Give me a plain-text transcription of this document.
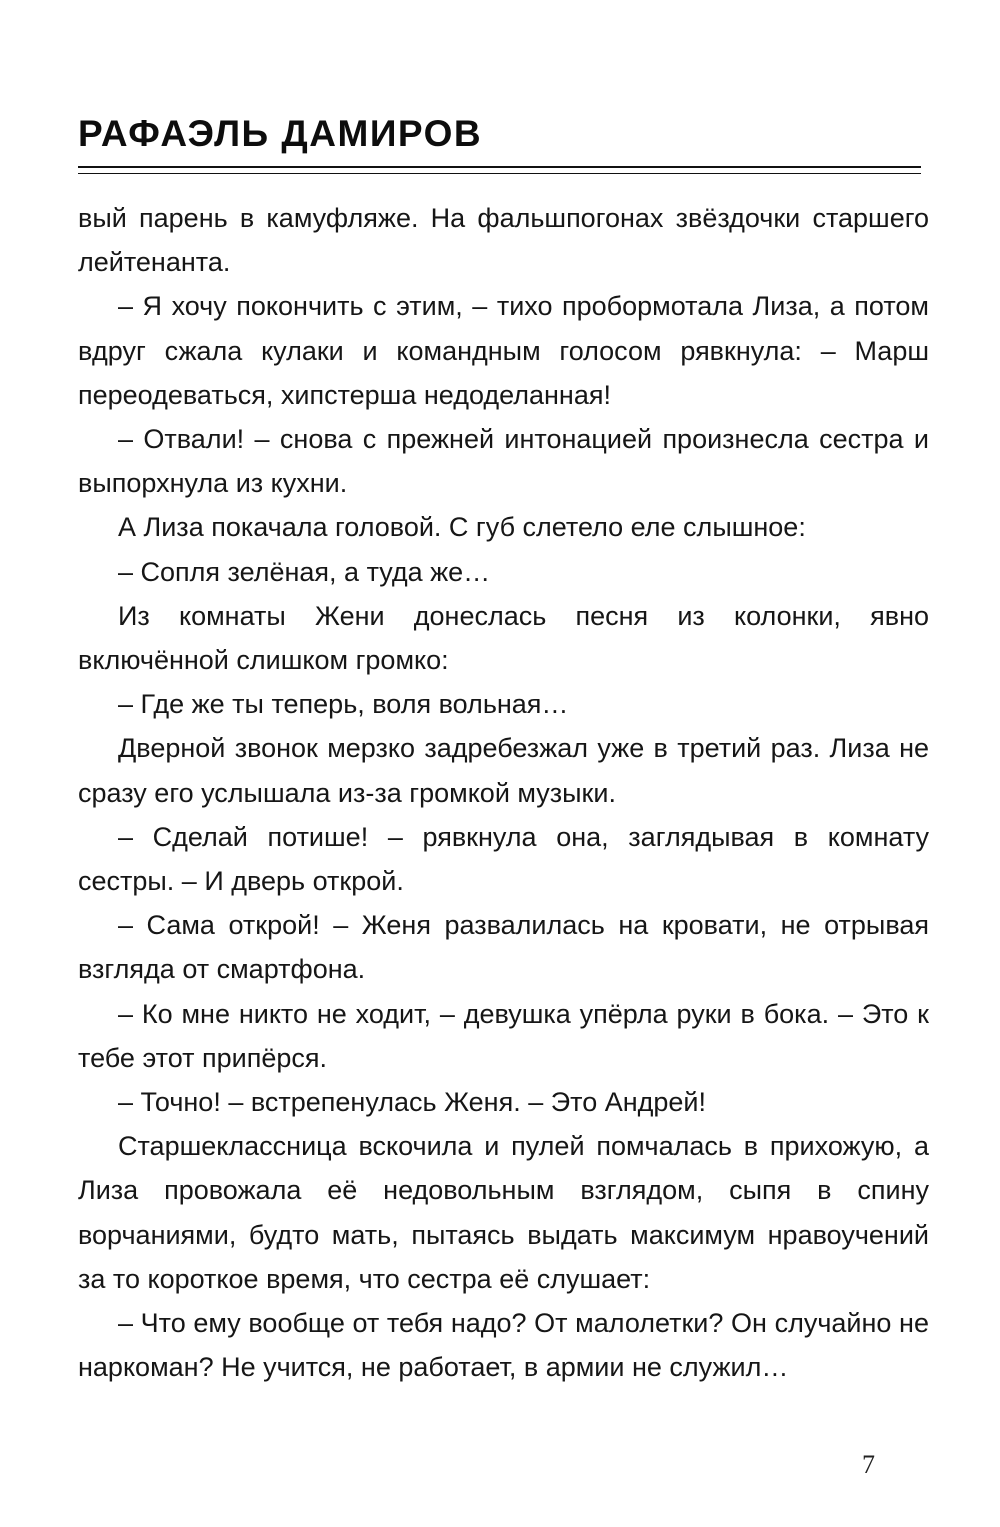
РАФАЭЛЬ ДАМИРОВ

вый парень в камуфляже. На фальшпогонах звёздочки старшего лейтенанта.

– Я хочу покончить с этим, – тихо пробормотала Лиза, а потом вдруг сжала кулаки и командным голосом рявкнула: – Марш переодеваться, хипстерша недоделанная!

– Отвали! – снова с прежней интонацией произнесла сестра и выпорхнула из кухни.

А Лиза покачала головой. С губ слетело еле слышное:

– Сопля зелёная, а туда же…

Из комнаты Жени донеслась песня из колонки, явно включённой слишком громко:

– Где же ты теперь, воля вольная…

Дверной звонок мерзко задребезжал уже в третий раз. Лиза не сразу его услышала из-за громкой музыки.

– Сделай потише! – рявкнула она, заглядывая в комнату сестры. – И дверь открой.

– Сама открой! – Женя развалилась на кровати, не отрывая взгляда от смартфона.

– Ко мне никто не ходит, – девушка упёрла руки в бока. – Это к тебе этот припёрся.

– Точно! – встрепенулась Женя. – Это Андрей!

Старшеклассница вскочила и пулей помчалась в прихожую, а Лиза провожала её недовольным взглядом, сыпя в спину ворчаниями, будто мать, пытаясь выдать максимум нравоучений за то короткое время, что сестра её слушает:

– Что ему вообще от тебя надо? От малолетки? Он случайно не наркоман? Не учится, не работает, в армии не служил…

7
